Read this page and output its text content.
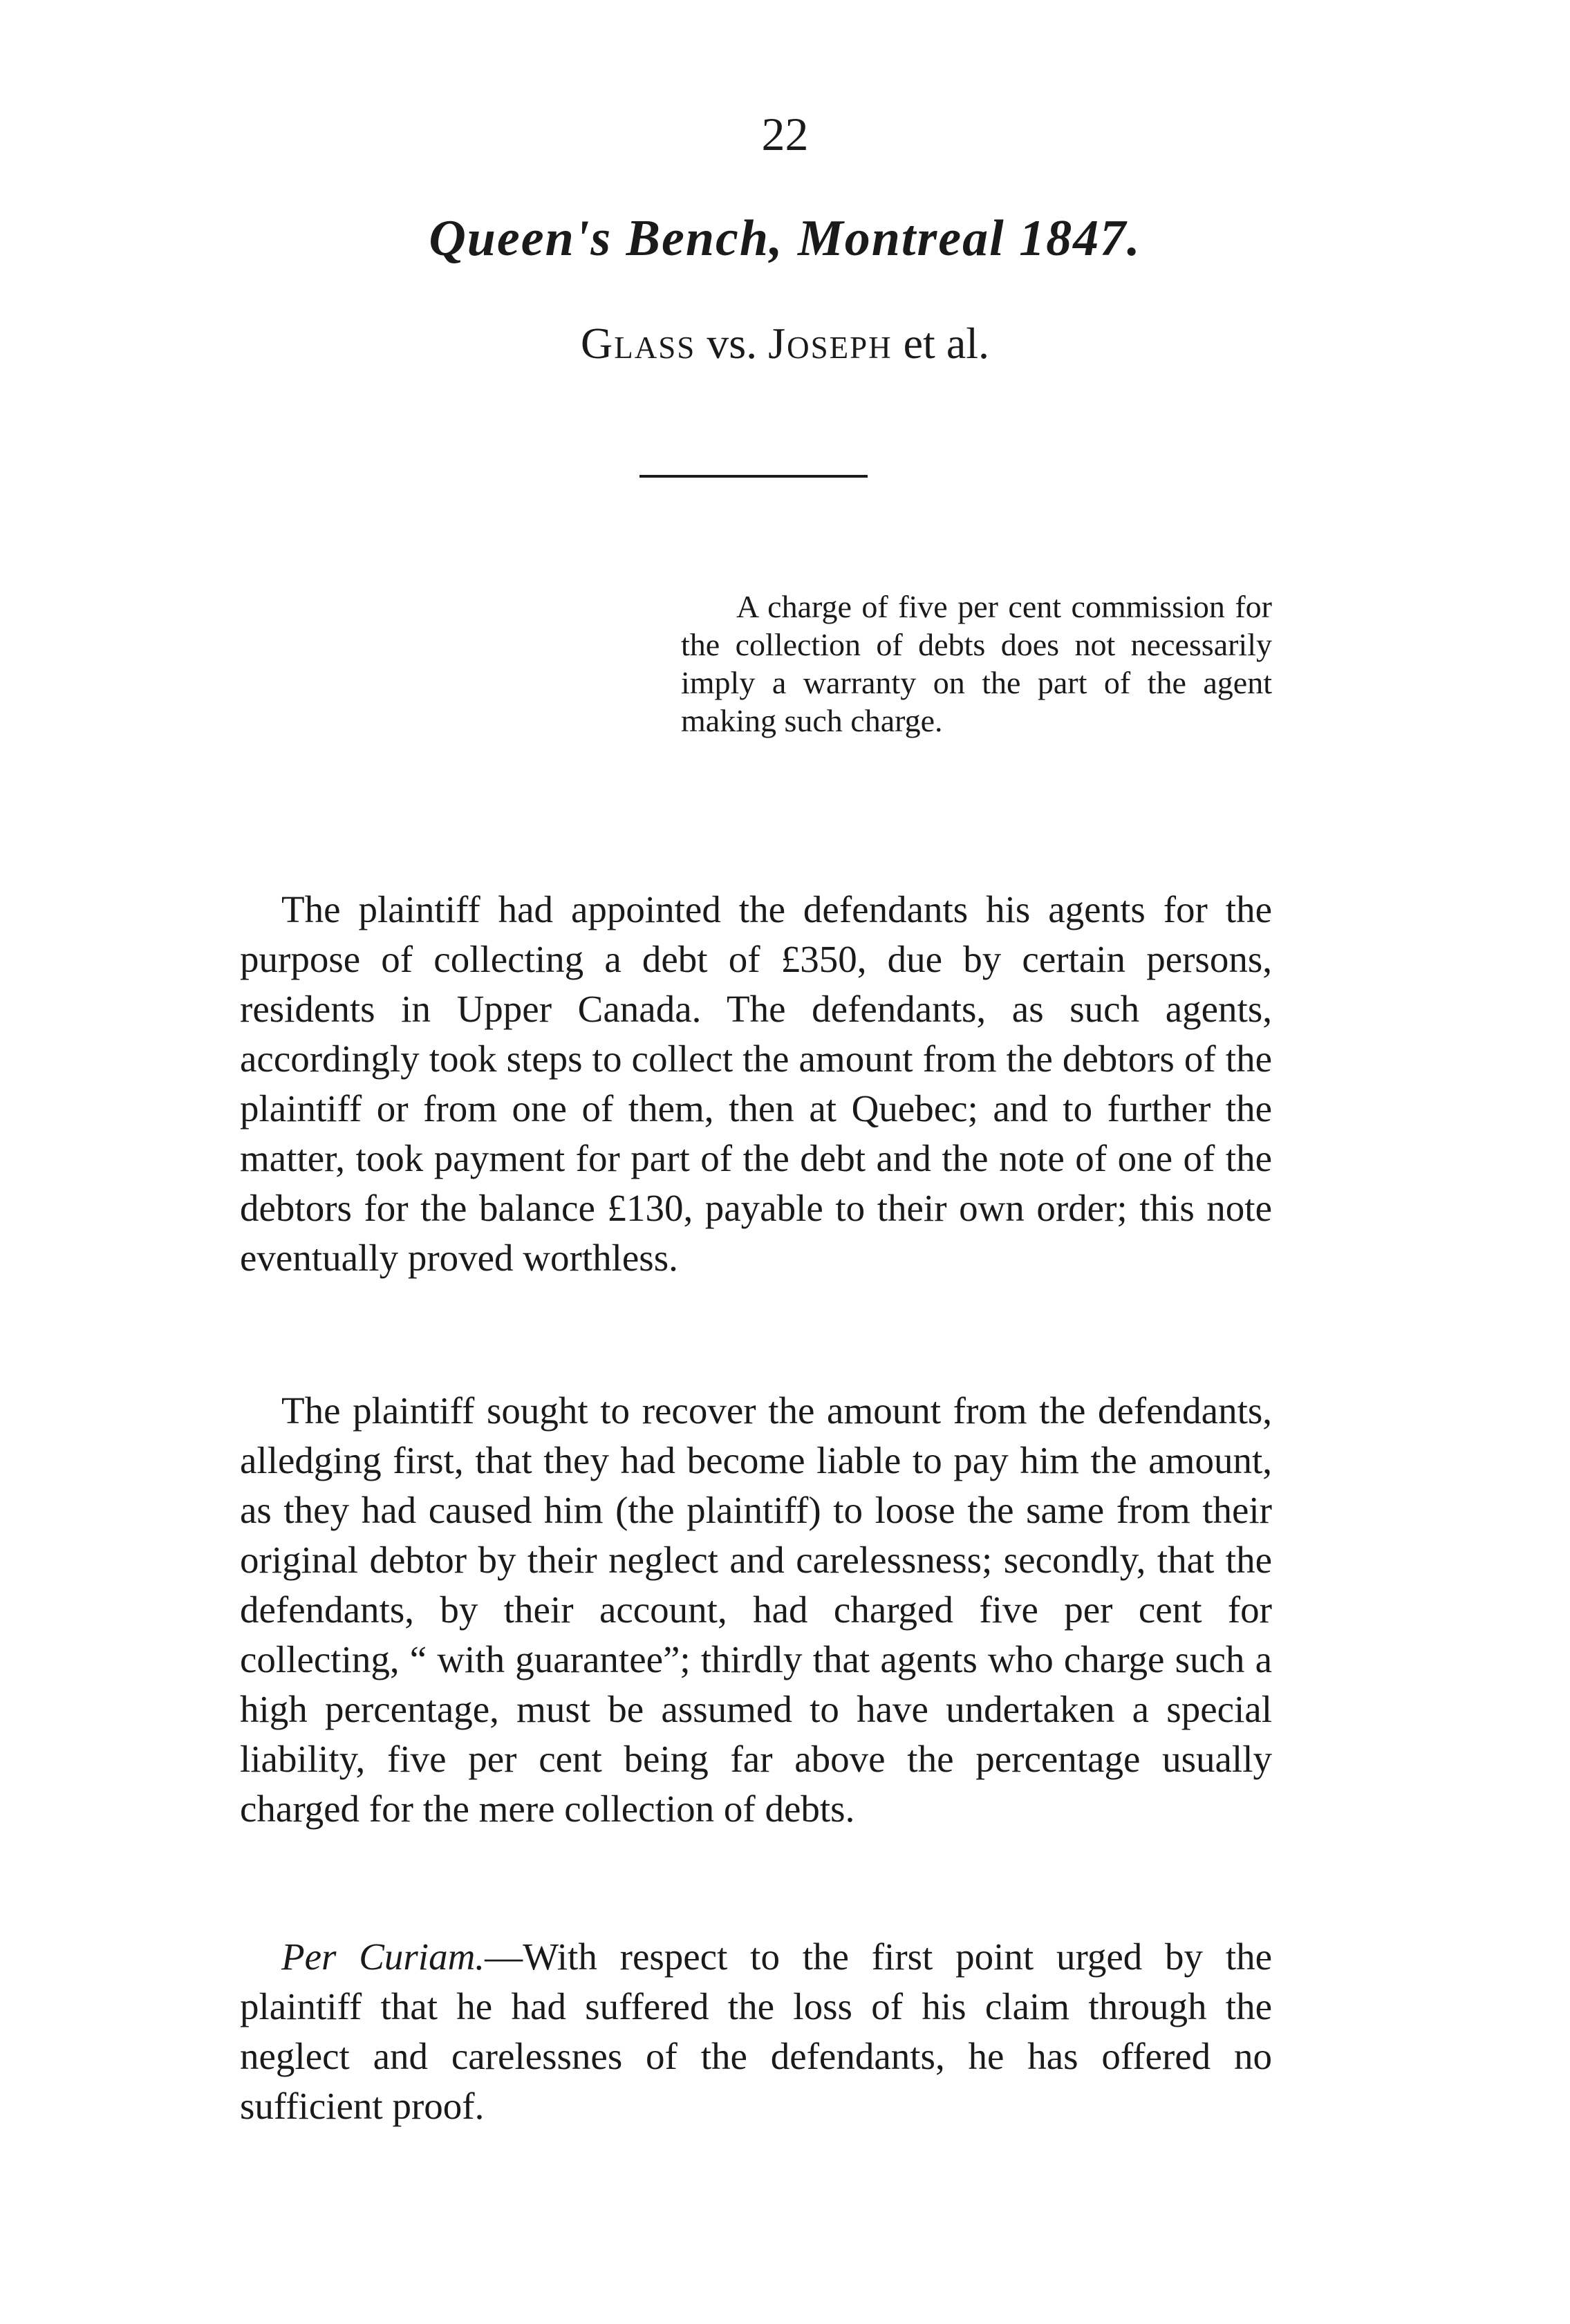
22
Queen's Bench, Montreal 1847.
Glass vs. Joseph et al.
A charge of five per cent commission for the collection of debts does not necessarily imply a warranty on the part of the agent making such charge.

The plaintiff had appointed the defendants his agents for the purpose of collecting a debt of £350, due by certain persons, residents in Upper Canada. The defendants, as such agents, accordingly took steps to collect the amount from the debtors of the plaintiff or from one of them, then at Quebec; and to further the matter, took payment for part of the debt and the note of one of the debtors for the balance £130, payable to their own order; this note eventually proved worthless.

The plaintiff sought to recover the amount from the defendants, alledging first, that they had become liable to pay him the amount, as they had caused him (the plaintiff) to loose the same from their original debtor by their neglect and carelessness; secondly, that the defendants, by their account, had charged five per cent for collecting, “ with guarantee”; thirdly that agents who charge such a high percentage, must be assumed to have undertaken a special liability, five per cent being far above the percentage usually charged for the mere collection of debts.

Per Curiam.—With respect to the first point urged by the plaintiff that he had suffered the loss of his claim through the neglect and carelessnes of the defendants, he has offered no sufficient proof.
